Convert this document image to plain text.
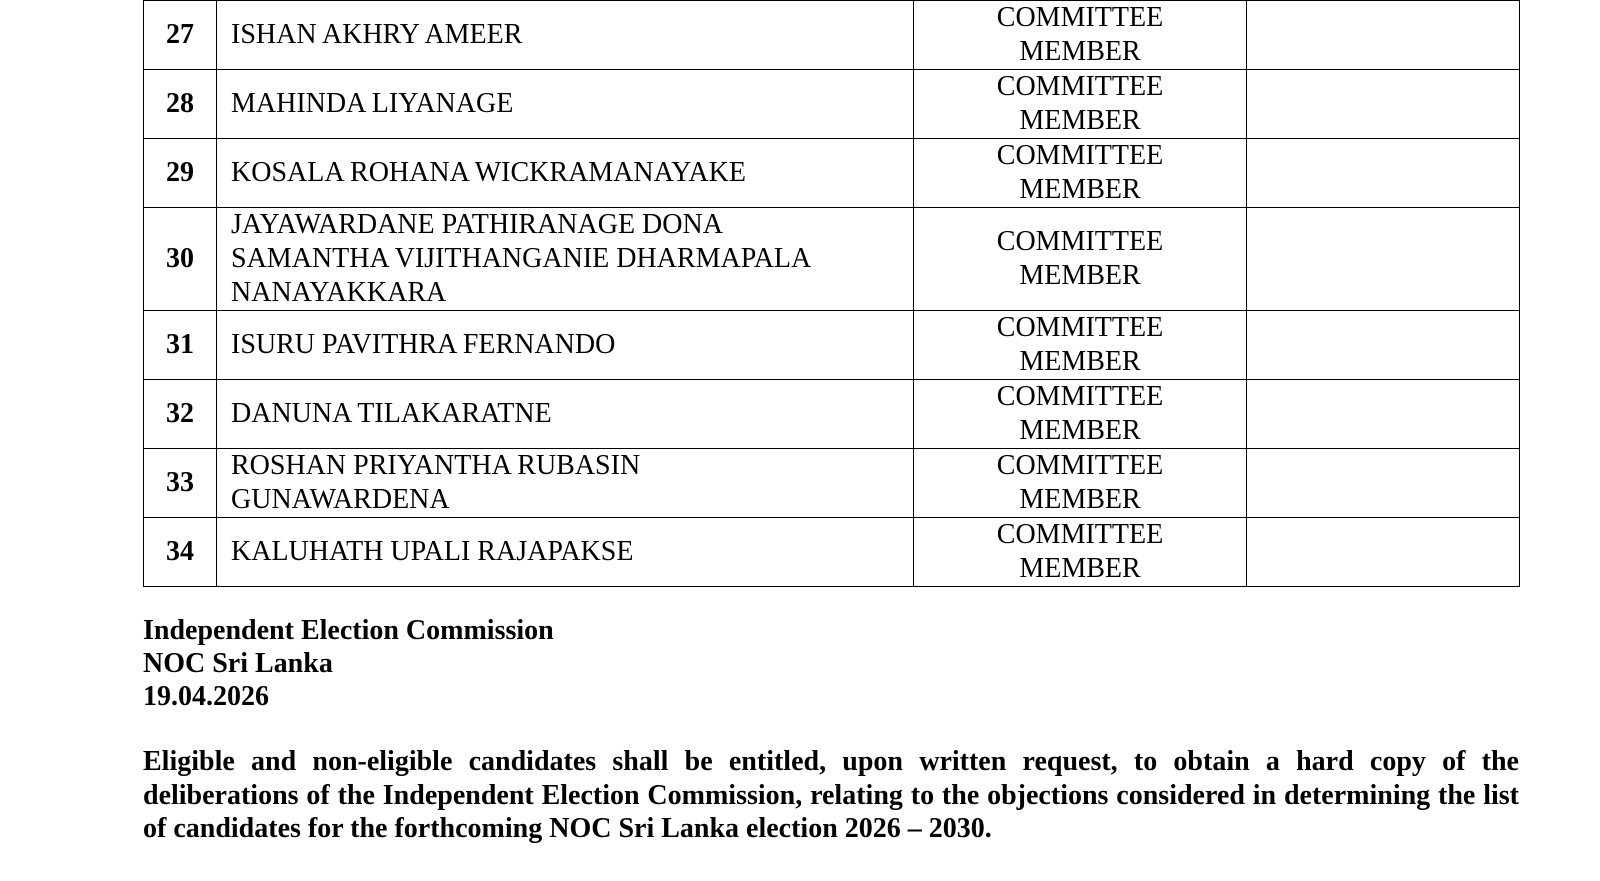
27	ISHAN AKHRY AMEER	COMMITTEE
MEMBER	

28	MAHINDA LIYANAGE	COMMITTEE
MEMBER	

29	KOSALA ROHANA WICKRAMANAYAKE	COMMITTEE
MEMBER	

30	JAYAWARDANE PATHIRANAGE DONA
SAMANTHA VIJITHANGANIE DHARMAPALA
NANAYAKKARA	COMMITTEE
MEMBER	

31	ISURU PAVITHRA FERNANDO	COMMITTEE
MEMBER	

32	DANUNA TILAKARATNE	COMMITTEE
MEMBER	

33	ROSHAN PRIYANTHA RUBASIN
GUNAWARDENA	COMMITTEE
MEMBER	

34	KALUHATH UPALI RAJAPAKSE	COMMITTEE
MEMBER	

Independent Election Commission
NOC Sri Lanka
19.04.2026

Eligible and non-eligible candidates shall be entitled, upon written request, to obtain a hard copy of the deliberations of the Independent Election Commission, relating to the objections considered in determining the list of candidates for the forthcoming NOC Sri Lanka election 2026 – 2030.
